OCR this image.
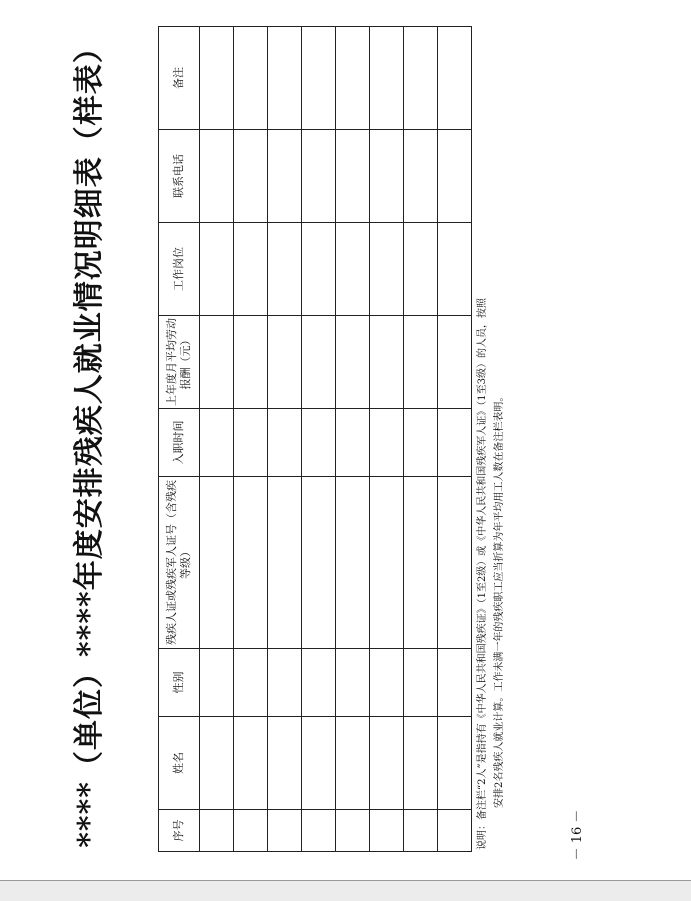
****（单位）****年度安排残疾人就业情况明细表（样表）	序号	姓名	性别	残疾人证或残疾军人证号（含残疾等级）	入职时间	上年度月平均劳动报酬（元）	工作岗位	联系电话	备注

说明：备注栏“2人”是指持有《中华人民共和国残疾证》（1至2级）或《中华人民共和国残疾军人证》（1至3级）的人员，按照 安排2名残疾人就业计算。工作未满一年的残疾职工应当折算为年平均用工人数在备注栏表明。

－ 16 －
